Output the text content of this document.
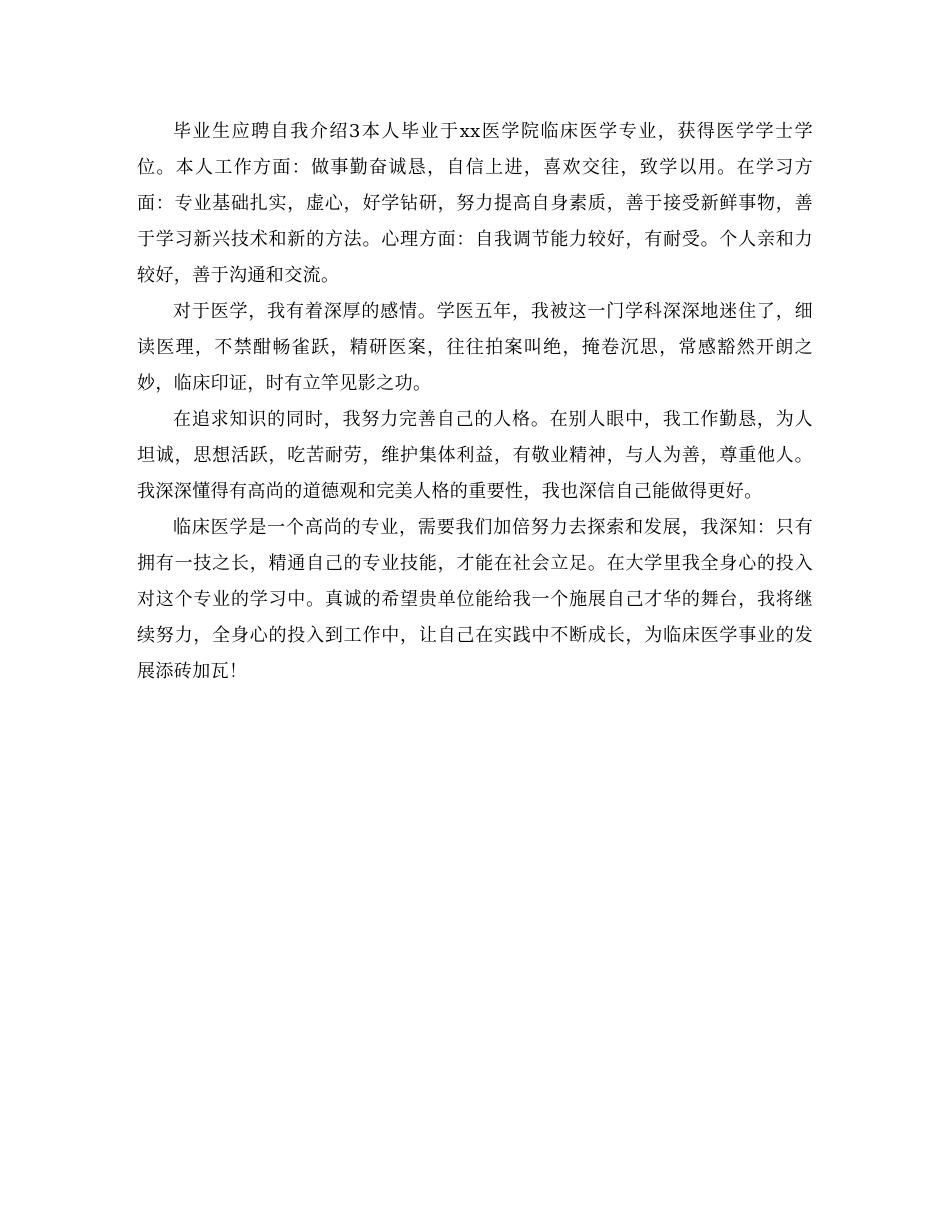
毕业生应聘自我介绍3本人毕业于xx医学院临床医学专业，获得医学学士学位。本人工作方面：做事勤奋诚恳，自信上进，喜欢交往，致学以用。在学习方面：专业基础扎实，虚心，好学钻研，努力提高自身素质，善于接受新鲜事物，善于学习新兴技术和新的方法。心理方面：自我调节能力较好，有耐受。个人亲和力较好，善于沟通和交流。

对于医学，我有着深厚的感情。学医五年，我被这一门学科深深地迷住了，细读医理，不禁酣畅雀跃，精研医案，往往拍案叫绝，掩卷沉思，常感豁然开朗之妙，临床印证，时有立竿见影之功。

在追求知识的同时，我努力完善自己的人格。在别人眼中，我工作勤恳，为人坦诚，思想活跃，吃苦耐劳，维护集体利益，有敬业精神，与人为善，尊重他人。我深深懂得有高尚的道德观和完美人格的重要性，我也深信自己能做得更好。

临床医学是一个高尚的专业，需要我们加倍努力去探索和发展，我深知：只有拥有一技之长，精通自己的专业技能，才能在社会立足。在大学里我全身心的投入对这个专业的学习中。真诚的希望贵单位能给我一个施展自己才华的舞台，我将继续努力，全身心的投入到工作中，让自己在实践中不断成长，为临床医学事业的发展添砖加瓦！
